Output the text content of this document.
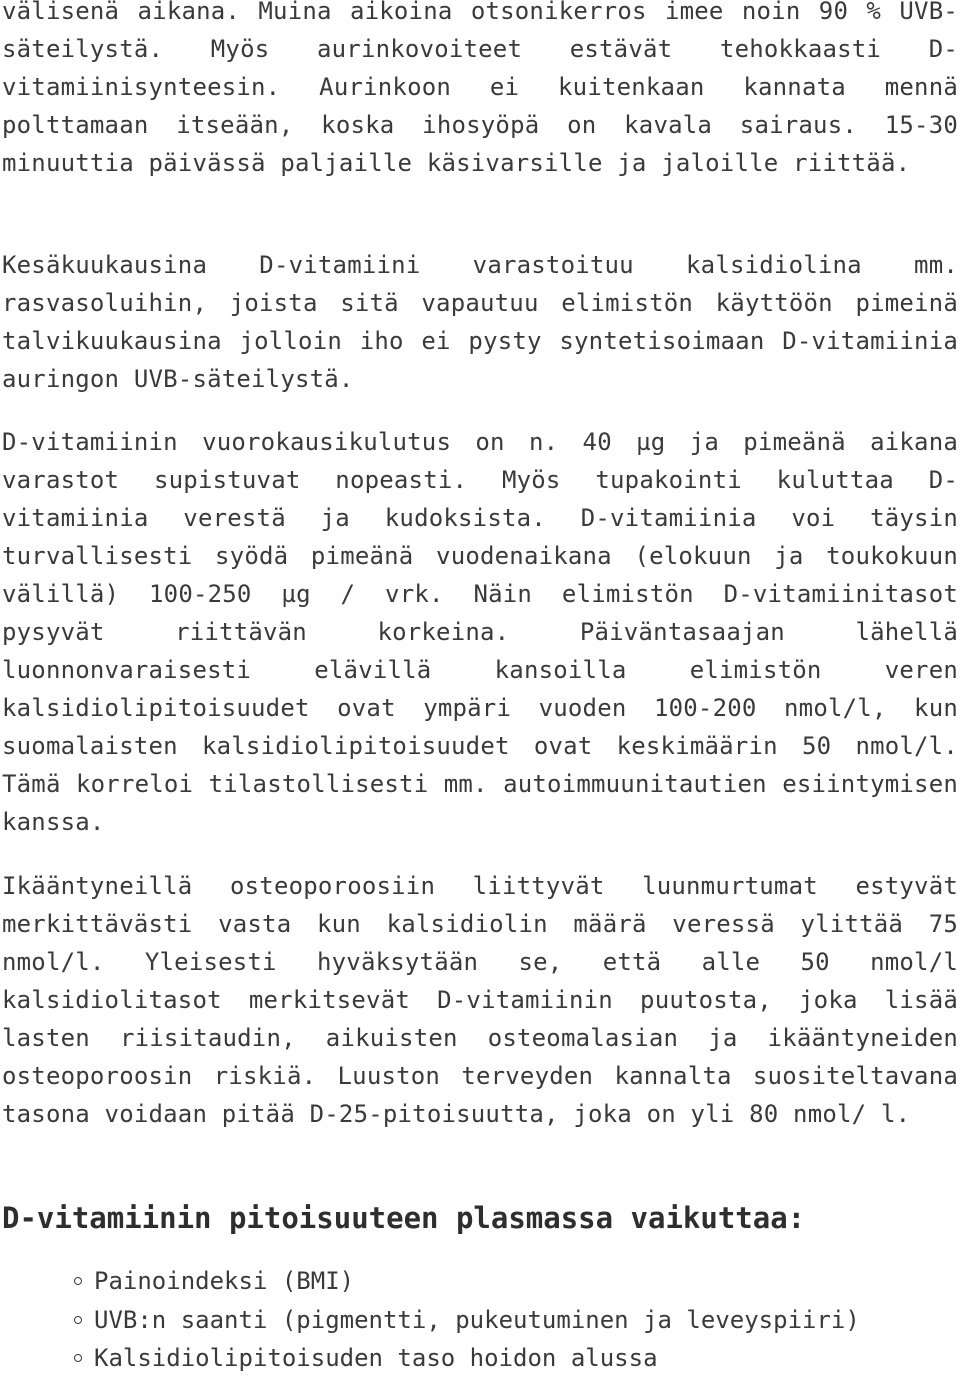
välisenä aikana. Muina aikoina otsonikerros imee noin 90 % UVB-säteilystä. Myös aurinkovoiteet estävät tehokkaasti D-vitamiinisynteesin. Aurinkoon ei kuitenkaan kannata mennä polttamaan itseään, koska ihosyöpä on kavala sairaus. 15-30 minuuttia päivässä paljaille käsivarsille ja jaloille riittää.

Kesäkuukausina D-vitamiini varastoituu kalsidiolina mm. rasvasoluihin, joista sitä vapautuu elimistön käyttöön pimeinä talvikuukausina jolloin iho ei pysty syntetisoimaan D-vitamiinia auringon UVB-säteilystä.

D-vitamiinin vuorokausikulutus on n. 40 µg ja pimeänä aikana varastot supistuvat nopeasti. Myös tupakointi kuluttaa D-vitamiinia verestä ja kudoksista. D-vitamiinia voi täysin turvallisesti syödä pimeänä vuodenaikana (elokuun ja toukokuun välillä) 100-250 µg / vrk. Näin elimistön D-vitamiinitasot pysyvät riittävän korkeina. Päiväntasaajan lähellä luonnonvaraisesti elävillä kansoilla elimistön veren kalsidiolipitoisuudet ovat ympäri vuoden 100-200 nmol/l, kun suomalaisten kalsidiolipitoisuudet ovat keskimäärin 50 nmol/l. Tämä korreloi tilastollisesti mm. autoimmuunitautien esiintymisen kanssa.

Ikääntyneillä osteoporoosiin liittyvät luunmurtumat estyvät merkittävästi vasta kun kalsidiolin määrä veressä ylittää 75 nmol/l. Yleisesti hyväksytään se, että alle 50 nmol/l kalsidiolitasot merkitsevät D-vitamiinin puutosta, joka lisää lasten riisitaudin, aikuisten osteomalasian ja ikääntyneiden osteoporoosin riskiä. Luuston terveyden kannalta suositeltavana tasona voidaan pitää D-25-pitoisuutta, joka on yli 80 nmol/ l.

D-vitamiinin pitoisuuteen plasmassa vaikuttaa:
Painoindeksi (BMI)
UVB:n saanti (pigmentti, pukeutuminen ja leveyspiiri)
Kalsidiolipitoisuden taso hoidon alussa
